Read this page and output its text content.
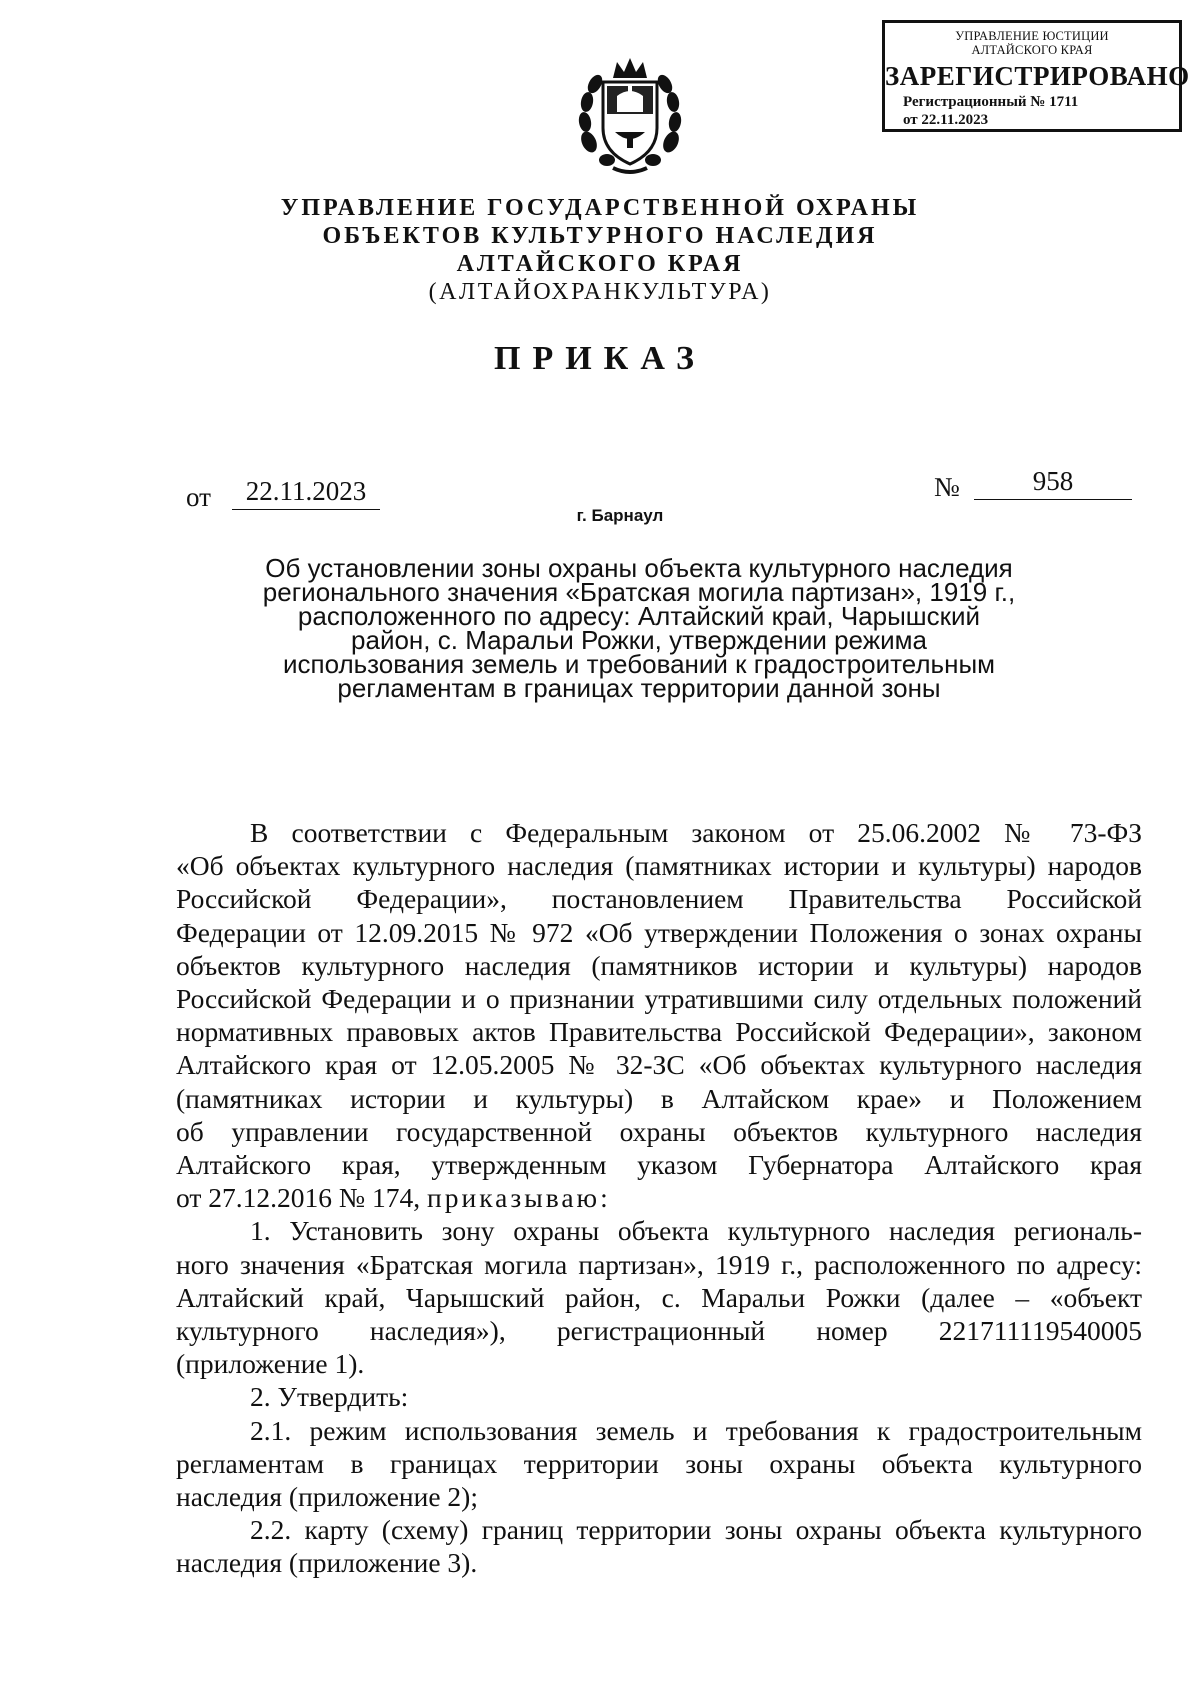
УПРАВЛЕНИЕ ЮСТИЦИИ
АЛТАЙСКОГО КРАЯ
ЗАРЕГИСТРИРОВАНО
Регистрационный № 1711
от 22.11.2023
УПРАВЛЕНИЕ ГОСУДАРСТВЕННОЙ ОХРАНЫ
ОБЪЕКТОВ КУЛЬТУРНОГО НАСЛЕДИЯ
АЛТАЙСКОГО КРАЯ
(АЛТАЙОХРАНКУЛЬТУРА)
ПРИКАЗ
от	22.11.2023	№	958
г. Барнаул
Об установлении зоны охраны объекта культурного наследия
регионального значения «Братская могила партизан», 1919 г.,
расположенного по адресу: Алтайский край, Чарышский
район, с. Маральи Рожки, утверждении режима
использования земель и требований к градостроительным
регламентам в границах территории данной зоны
В соответствии с Федеральным законом от 25.06.2002 № 73-ФЗ
«Об объектах культурного наследия (памятниках истории и культуры) народов
Российской Федерации», постановлением Правительства Российской
Федерации от 12.09.2015 № 972 «Об утверждении Положения о зонах охраны
объектов культурного наследия (памятников истории и культуры) народов
Российской Федерации и о признании утратившими силу отдельных положений
нормативных правовых актов Правительства Российской Федерации», законом
Алтайского края от 12.05.2005 № 32-ЗС «Об объектах культурного наследия
(памятниках истории и культуры) в Алтайском крае» и Положением
об управлении государственной охраны объектов культурного наследия
Алтайского края, утвержденным указом Губернатора Алтайского края
от 27.12.2016 № 174, приказываю:
1. Установить зону охраны объекта культурного наследия региональ-
ного значения «Братская могила партизан», 1919 г., расположенного по адресу:
Алтайский край, Чарышский район, с. Маральи Рожки (далее – «объект
культурного наследия»), регистрационный номер 221711119540005
(приложение 1).
2. Утвердить:
2.1. режим использования земель и требования к градостроительным
регламентам в границах территории зоны охраны объекта культурного
наследия (приложение 2);
2.2. карту (схему) границ территории зоны охраны объекта культурного
наследия (приложение 3).
